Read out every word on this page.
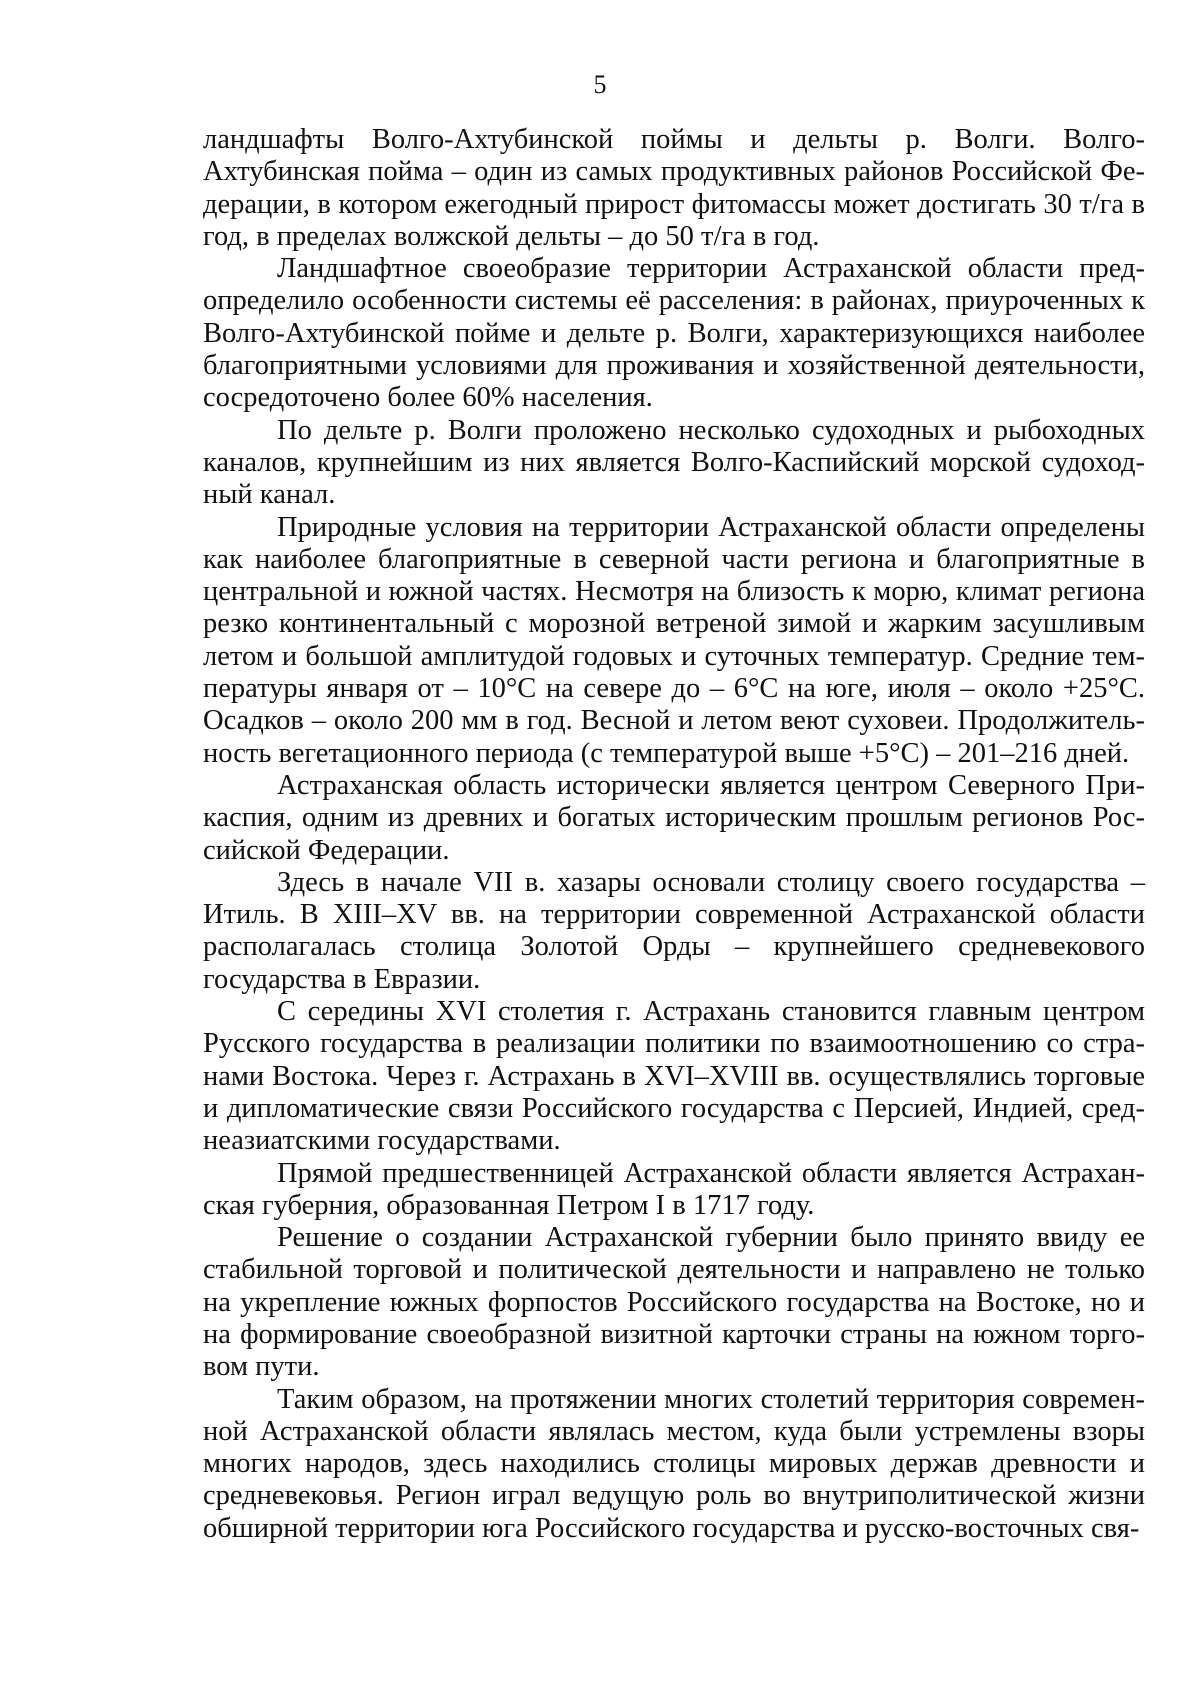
5

ландшафты Волго-Ахтубинской поймы и дельты р. Волги. Волго-Ахтубинская пойма – один из самых продуктивных районов Российской Федерации, в котором ежегодный прирост фитомассы может достигать 30 т/га в год, в пределах волжской дельты – до 50 т/га в год.

Ландшафтное своеобразие территории Астраханской области предопределило особенности системы её расселения: в районах, приуроченных к Волго-Ахтубинской пойме и дельте р. Волги, характеризующихся наиболее благоприятными условиями для проживания и хозяйственной деятельности, сосредоточено более 60% населения.

По дельте р. Волги проложено несколько судоходных и рыбоходных каналов, крупнейшим из них является Волго-Каспийский морской судоходный канал.

Природные условия на территории Астраханской области определены как наиболее благоприятные в северной части региона и благоприятные в центральной и южной частях. Несмотря на близость к морю, климат региона резко континентальный с морозной ветреной зимой и жарким засушливым летом и большой амплитудой годовых и суточных температур. Средние температуры января от – 10°С на севере до – 6°С на юге, июля – около +25°С. Осадков – около 200 мм в год. Весной и летом веют суховеи. Продолжительность вегетационного периода (с температурой выше +5°С) – 201–216 дней.

Астраханская область исторически является центром Северного Прикаспия, одним из древних и богатых историческим прошлым регионов Российской Федерации.

Здесь в начале VII в. хазары основали столицу своего государства – Итиль. В XIII–XV вв. на территории современной Астраханской области располагалась столица Золотой Орды – крупнейшего средневекового государства в Евразии.

С середины XVI столетия г. Астрахань становится главным центром Русского государства в реализации политики по взаимоотношению со странами Востока. Через г. Астрахань в XVI–XVIII вв. осуществлялись торговые и дипломатические связи Российского государства с Персией, Индией, среднеазиатскими государствами.

Прямой предшественницей Астраханской области является Астраханская губерния, образованная Петром I в 1717 году.

Решение о создании Астраханской губернии было принято ввиду ее стабильной торговой и политической деятельности и направлено не только на укрепление южных форпостов Российского государства на Востоке, но и на формирование своеобразной визитной карточки страны на южном торговом пути.

Таким образом, на протяжении многих столетий территория современной Астраханской области являлась местом, куда были устремлены взоры многих народов, здесь находились столицы мировых держав древности и средневековья. Регион играл ведущую роль во внутриполитической жизни обширной территории юга Российского государства и русско-восточных свя-
